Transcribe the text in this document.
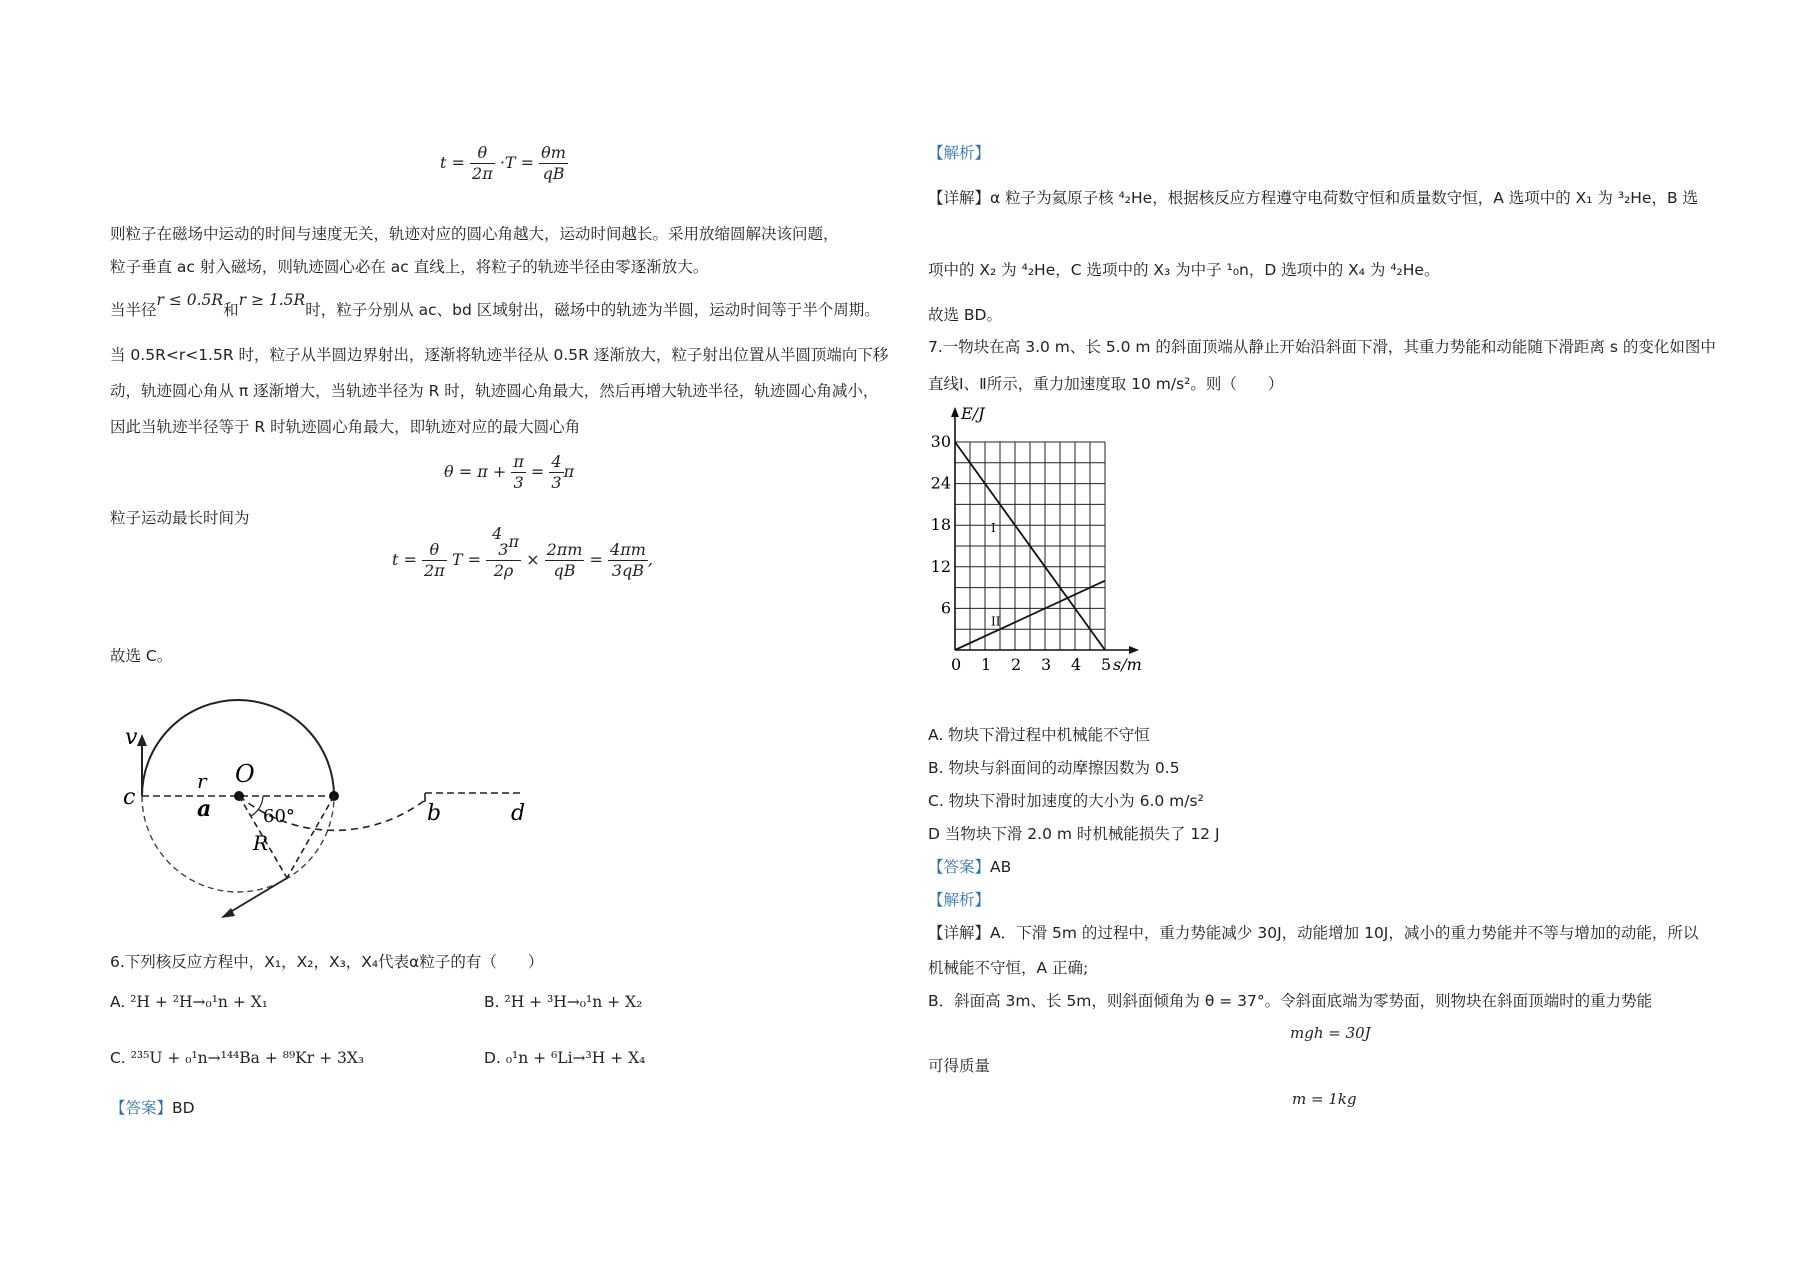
$t = \frac{\theta}{2\pi} \cdot T = \frac{\theta m}{qB}$
则粒子在磁场中运动的时间与速度无关，轨迹对应的圆心角越大，运动时间越长。采用放缩圆解决该问题，
粒子垂直 ac 射入磁场，则轨迹圆心必在 ac 直线上，将粒子的轨迹半径由零逐渐放大。
当半径r ≤ 0.5R和r ≥ 1.5R时，粒子分别从 ac、bd 区域射出，磁场中的轨迹为半圆，运动时间等于半个周期。
当 0.5R<r<1.5R 时，粒子从半圆边界射出，逐渐将轨迹半径从 0.5R 逐渐放大，粒子射出位置从半圆顶端向下移
动，轨迹圆心角从 π 逐渐增大，当轨迹半径为 R 时，轨迹圆心角最大，然后再增大轨迹半径，轨迹圆心角减小，
因此当轨迹半径等于 R 时轨迹圆心角最大，即轨迹对应的最大圆心角
$\theta = \pi + \frac{\pi}{3} = \frac{4}{3}$ π
粒子运动最长时间为
$t = \frac{\theta}{2\pi}$ $T = \frac{43\pi}{2\rho} \times \frac{2\pi m}{qB} = \frac{4\pi m}{3qB}$ ,
故选 C。
v
c
r
a
O
60°
R
b	d
6.下列核反应方程中，X₁，X₂，X₃，X₄代表α粒子的有（　　）
A. ²H + ²H→₀¹n + X₁	B. ²H + ³H→₀¹n + X₂
C. ²³⁵U + ₀¹n→¹⁴⁴Ba + ⁸⁹Kr + 3X₃	D. ₀¹n + ⁶Li→³H + X₄
【答案】BD
【解析】
【详解】α 粒子为氦原子核 ⁴₂He，根据核反应方程遵守电荷数守恒和质量数守恒，A 选项中的 X₁ 为 ³₂He，B 选
项中的 X₂ 为 ⁴₂He，C 选项中的 X₃ 为中子 ¹₀n，D 选项中的 X₄ 为 ⁴₂He。
故选 BD。
7.一物块在高 3.0 m、长 5.0 m 的斜面顶端从静止开始沿斜面下滑，其重力势能和动能随下滑距离 s 的变化如图中
直线Ⅰ、Ⅱ所示，重力加速度取 10 m/s²。则（　　）
0 1 2 3 4 5
6
12
18
24
30
E/J
s/m
I
II
A. 物块下滑过程中机械能不守恒
B. 物块与斜面间的动摩擦因数为 0.5
C. 物块下滑时加速度的大小为 6.0 m/s²
D 当物块下滑 2.0 m 时机械能损失了 12 J
【答案】AB
【解析】
【详解】A．下滑 5m 的过程中，重力势能减少 30J，动能增加 10J，减小的重力势能并不等与增加的动能，所以
机械能不守恒，A 正确;
B．斜面高 3m、长 5m，则斜面倾角为 θ = 37°。令斜面底端为零势面，则物块在斜面顶端时的重力势能
mgh = 30J
可得质量
m = 1kg
